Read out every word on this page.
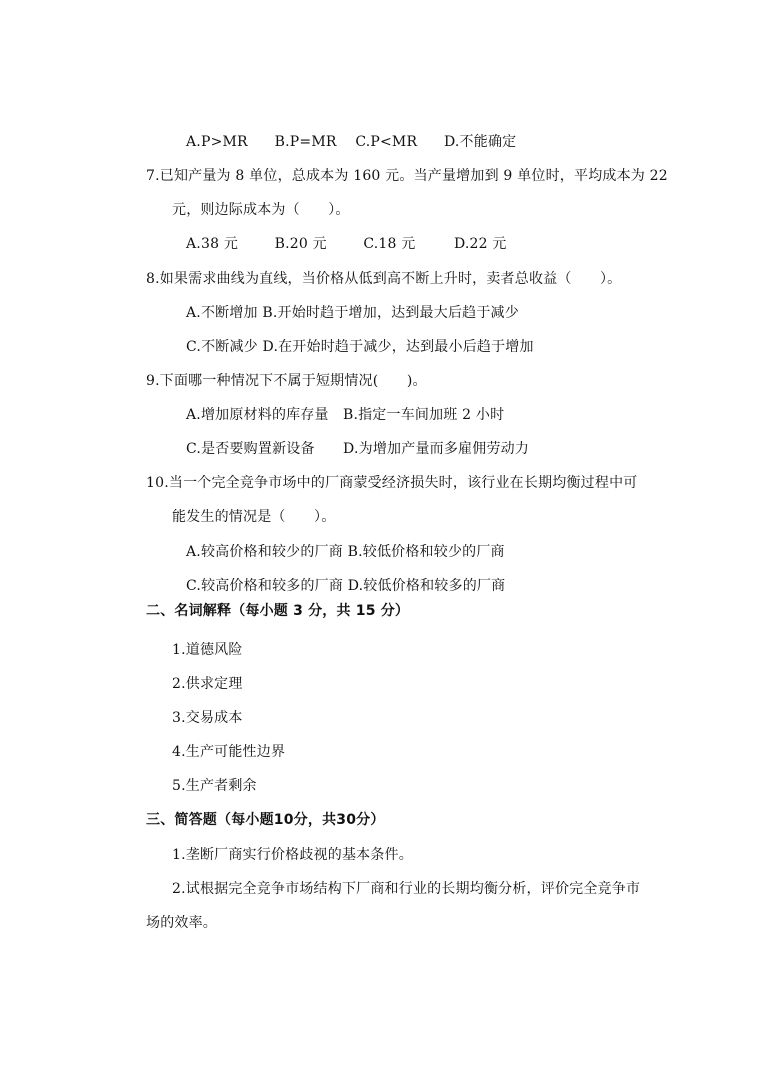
A.P>MR B.P=MR C.P<MR D.不能确定
7.已知产量为 8 单位，总成本为 160 元。当产量增加到 9 单位时，平均成本为 22
元，则边际成本为（　　）。
A.38 元	B.20 元	C.18 元	D.22 元
8.如果需求曲线为直线，当价格从低到高不断上升时，卖者总收益（　　）。
A.不断增加 B.开始时趋于增加，达到最大后趋于减少
C.不断减少 D.在开始时趋于减少，达到最小后趋于增加
9.下面哪一种情况下不属于短期情况(　　)。
A.增加原材料的库存量　B.指定一车间加班 2 小时
C.是否要购置新设备　　D.为增加产量而多雇佣劳动力
10.当一个完全竞争市场中的厂商蒙受经济损失时，该行业在长期均衡过程中可
能发生的情况是（　　）。
A.较高价格和较少的厂商 B.较低价格和较少的厂商
C.较高价格和较多的厂商 D.较低价格和较多的厂商
二、名词解释（每小题 3 分，共 15 分）
1.道德风险
2.供求定理
3.交易成本
4.生产可能性边界
5.生产者剩余
三、简答题（每小题10分，共30分）
1.垄断厂商实行价格歧视的基本条件。
2.试根据完全竞争市场结构下厂商和行业的长期均衡分析，评价完全竞争市
场的效率。
